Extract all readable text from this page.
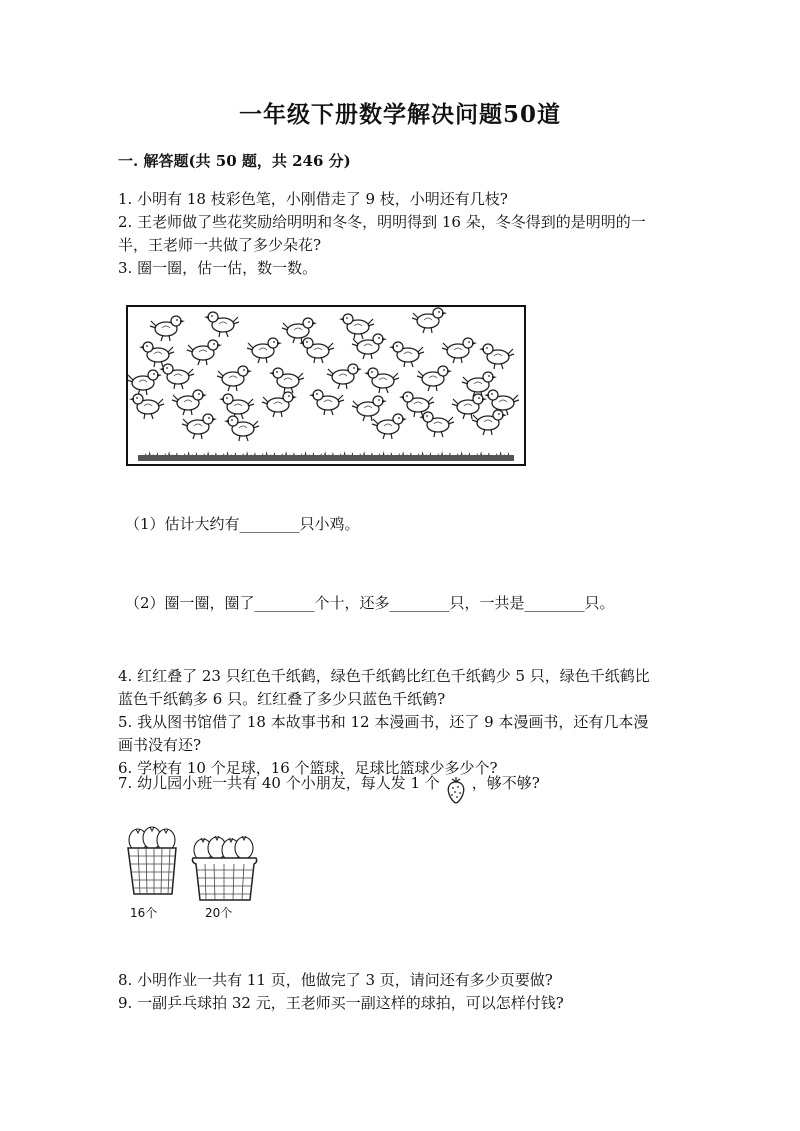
一年级下册数学解决问题50道
一. 解答题(共 50 题，共 246 分)
1. 小明有 18 枝彩色笔，小刚借走了 9 枝，小明还有几枝?
2. 王老师做了些花奖励给明明和冬冬，明明得到 16 朵，冬冬得到的是明明的一
半，王老师一共做了多少朵花?
3. 圈一圈，估一估，数一数。
（1）估计大约有________只小鸡。
（2）圈一圈，圈了________个十，还多________只，一共是________只。
4. 红红叠了 23 只红色千纸鹤，绿色千纸鹤比红色千纸鹤少 5 只，绿色千纸鹤比
蓝色千纸鹤多 6 只。红红叠了多少只蓝色千纸鹤?
5. 我从图书馆借了 18 本故事书和 12 本漫画书，还了 9 本漫画书，还有几本漫
画书没有还?
6. 学校有 10 个足球，16 个篮球，足球比篮球少多少个?
7. 幼儿园小班一共有 40 个小朋友，每人发 1 个 ，够不够?
16个	20个
8. 小明作业一共有 11 页，他做完了 3 页，请问还有多少页要做?
9. 一副乒乓球拍 32 元，王老师买一副这样的球拍，可以怎样付钱?
